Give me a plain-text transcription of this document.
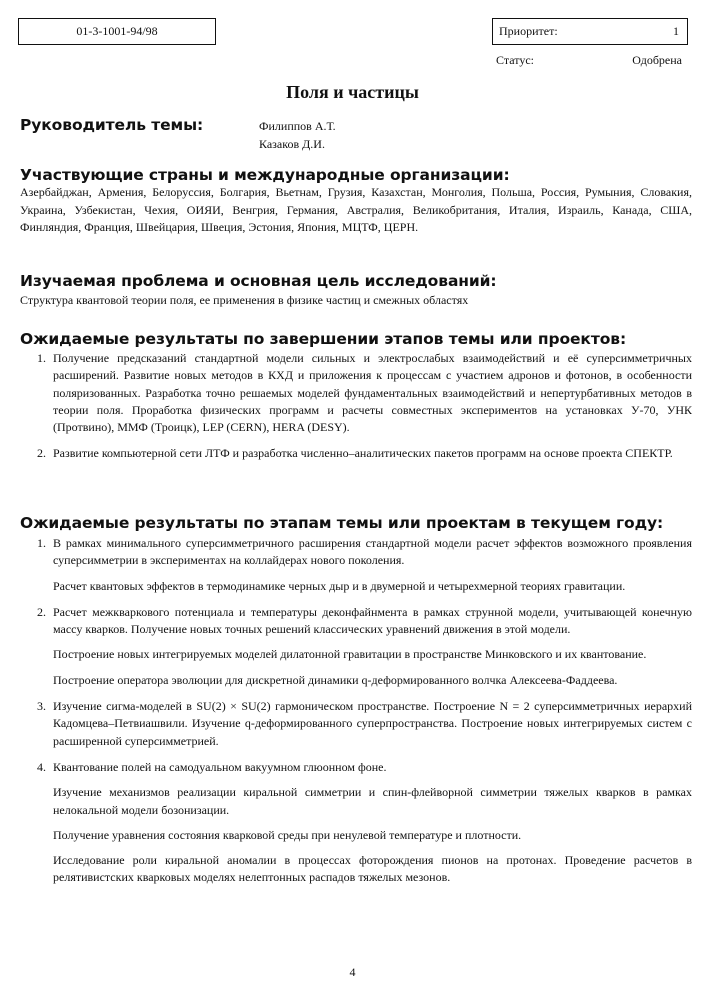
01-3-1001-94/98	Приоритет:	1
Статус:	Одобрена
Поля и частицы
Руководитель темы:	Филиппов А.Т.
Казаков Д.И.
Участвующие страны и международные организации:
Азербайджан, Армения, Белоруссия, Болгария, Вьетнам, Грузия, Казахстан, Монголия, Польша, Россия, Румыния, Словакия, Украина, Узбекистан, Чехия, ОИЯИ, Венгрия, Германия, Австралия, Великобритания, Италия, Израиль, Канада, США, Финляндия, Франция, Швейцария, Швеция, Эстония, Япония, МЦТФ, ЦЕРН.
Изучаемая проблема и основная цель исследований:
Структура квантовой теории поля, ее применения в физике частиц и смежных областях
Ожидаемые результаты по завершении этапов темы или проектов:
1. Получение предсказаний стандартной модели сильных и электрослабых взаимодействий и её суперсимметричных расширений. Развитие новых методов в КХД и приложения к процессам с участием адронов и фотонов, в особенности поляризованных. Разработка точно решаемых моделей фундаментальных взаимодействий и непертурбативных методов в теории поля. Проработка физических программ и расчеты совместных экспериментов на установках У-70, УНК (Протвино), ММФ (Троицк), LEP (CERN), HERA (DESY).

2. Развитие компьютерной сети ЛТФ и разработка численно–аналитических пакетов программ на основе проекта СПЕКТР.

Ожидаемые результаты по этапам темы или проектам в текущем году:
1. В рамках минимального суперсимметричного расширения стандартной модели расчет эффектов возможного проявления суперсимметрии в экспериментах на коллайдерах нового поколения.

Расчет квантовых эффектов в термодинамике черных дыр и в двумерной и четырехмерной теориях гравитации.

2. Расчет межкваркового потенциала и температуры деконфайнмента в рамках струнной модели, учитывающей конечную массу кварков. Получение новых точных решений классических уравнений движения в этой модели.

Построение новых интегрируемых моделей дилатонной гравитации в пространстве Минковского и их квантование.

Построение оператора эволюции для дискретной динамики q-деформированного волчка Алексеева-Фаддеева.

3. Изучение сигма-моделей в SU(2) × SU(2) гармоническом пространстве. Построение N = 2 суперсимметричных иерархий Кадомцева–Петвиашвили. Изучение q-деформированного суперпространства. Построение новых интегрируемых систем с расширенной суперсимметрией.

4. Квантование полей на самодуальном вакуумном глюонном фоне.

Изучение механизмов реализации киральной симметрии и спин-флейворной симметрии тяжелых кварков в рамках нелокальной модели бозонизации.

Получение уравнения состояния кварковой среды при ненулевой температуре и плотности.

Исследование роли киральной аномалии в процессах фоторождения пионов на протонах. Проведение расчетов в релятивистских кварковых моделях нелептонных распадов тяжелых мезонов.

4
